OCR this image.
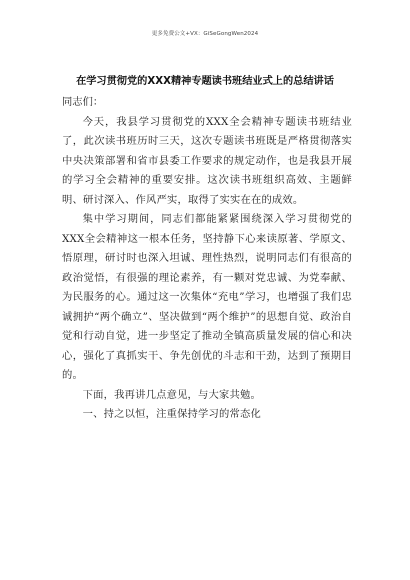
更多免费公文+VX：GiSeGongWen2024
在学习贯彻党的XXX精神专题读书班结业式上的总结讲话

同志们：

今天，我县学习贯彻党的XXX全会精神专题读书班结业了，此次读书班历时三天，这次专题读书班既是严格贯彻落实中央决策部署和省市县委工作要求的规定动作，也是我县开展的学习全会精神的重要安排。这次读书班组织高效、主题鲜明、研讨深入、作风严实，取得了实实在在的成效。

集中学习期间，同志们都能紧紧围绕深入学习贯彻党的XXX全会精神这一根本任务，坚持静下心来读原著、学原文、悟原理，研讨时也深入坦诚、理性热烈，说明同志们有很高的政治觉悟，有很强的理论素养，有一颗对党忠诚、为党奉献、为民服务的心。通过这一次集体“充电”学习，也增强了我们忠诚拥护“两个确立”、坚决做到“两个维护”的思想自觉、政治自觉和行动自觉，进一步坚定了推动全镇高质量发展的信心和决心，强化了真抓实干、争先创优的斗志和干劲，达到了预期目的。

下面，我再讲几点意见，与大家共勉。

一、持之以恒，注重保持学习的常态化
